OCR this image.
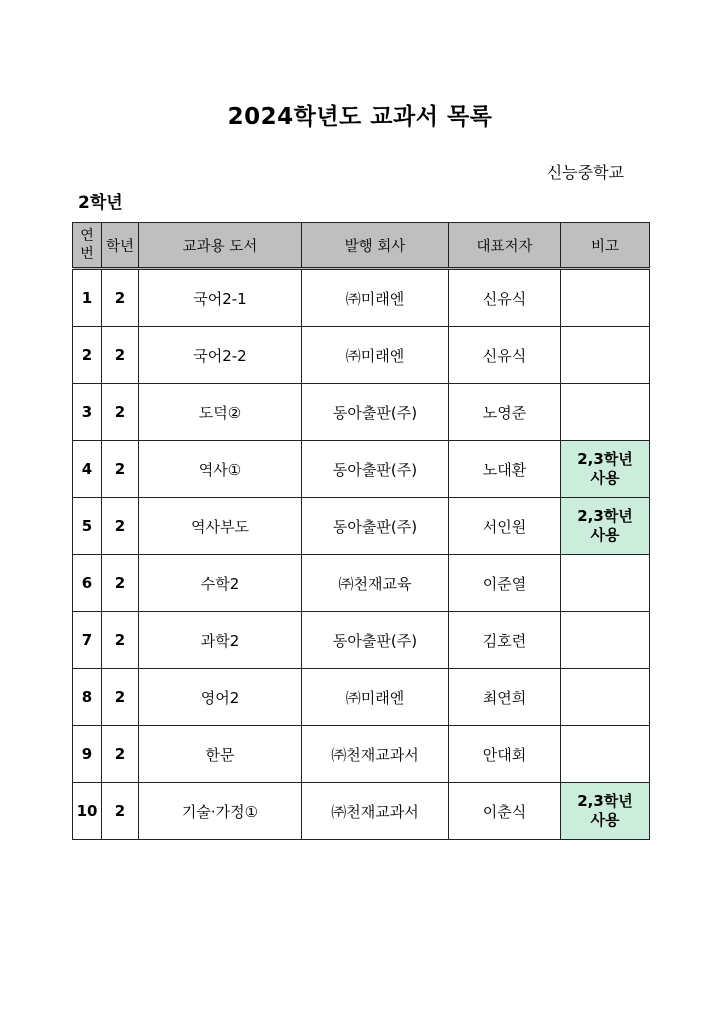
2024학년도 교과서 목록
신능중학교
2학년
연
번	학년	교과용 도서	발행 회사	대표저자	비고
1	2	국어2-1	㈜미래엔	신유식	

2	2	국어2-2	㈜미래엔	신유식	

3	2	도덕②	동아출판(주)	노영준	

4	2	역사①	동아출판(주)	노대환	2,3학년
사용

5	2	역사부도	동아출판(주)	서인원	2,3학년
사용

6	2	수학2	㈜천재교육	이준열	

7	2	과학2	동아출판(주)	김호련	

8	2	영어2	㈜미래엔	최연희	

9	2	한문	㈜천재교과서	안대회	

10	2	기술·가정①	㈜천재교과서	이춘식	2,3학년
사용
